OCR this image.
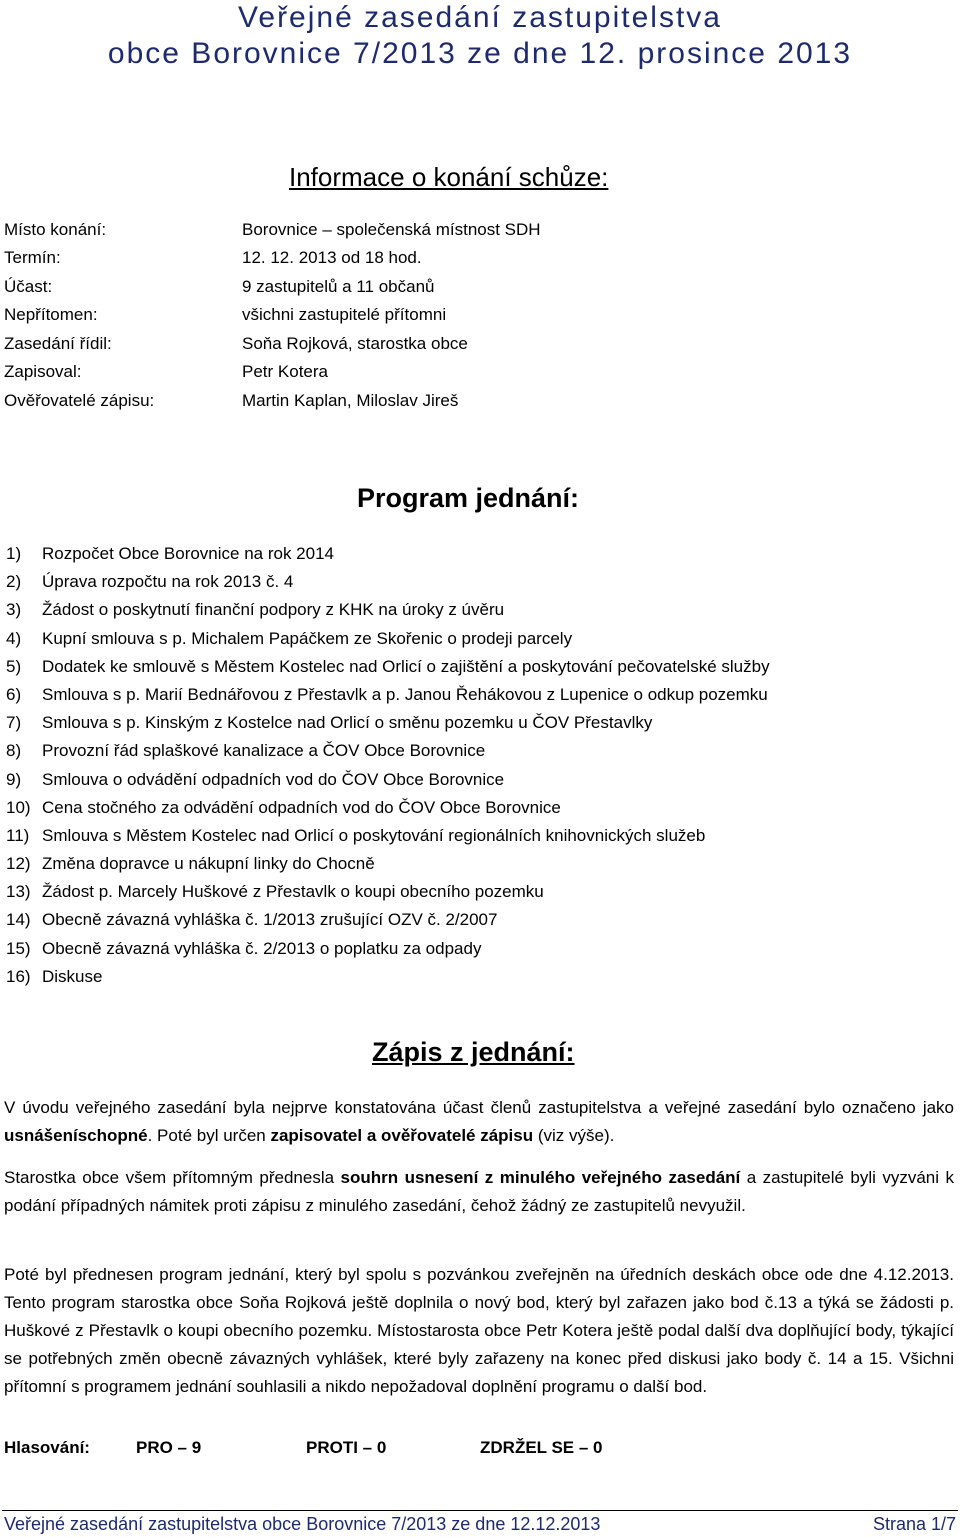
Veřejné zasedání zastupitelstva
obce Borovnice 7/2013 ze dne 12. prosince 2013
Informace o konání schůze:
Místo konání:	Borovnice – společenská místnost SDH
Termín:	12. 12. 2013 od 18 hod.
Účast:	9 zastupitelů a 11 občanů
Nepřítomen:	všichni zastupitelé přítomni
Zasedání řídil:	Soňa Rojková, starostka obce
Zapisoval:	Petr Kotera
Ověřovatelé zápisu:	Martin Kaplan, Miloslav Jireš
Program jednání:
1) Rozpočet Obce Borovnice na rok 2014
2) Úprava rozpočtu na rok 2013 č. 4
3) Žádost o poskytnutí finanční podpory z KHK na úroky z úvěru
4) Kupní smlouva s p. Michalem Papáčkem ze Skořenic o prodeji parcely
5) Dodatek ke smlouvě s Městem Kostelec nad Orlicí o zajištění a poskytování pečovatelské služby
6) Smlouva s p. Marií Bednářovou z Přestavlk a p. Janou Řehákovou z Lupenice o odkup pozemku
7) Smlouva s p. Kinským z Kostelce nad Orlicí o směnu pozemku u ČOV Přestavlky
8) Provozní řád splaškové kanalizace a ČOV Obce Borovnice
9) Smlouva o odvádění odpadních vod do ČOV Obce Borovnice
10) Cena stočného za odvádění odpadních vod do ČOV Obce Borovnice
11) Smlouva s Městem Kostelec nad Orlicí o poskytování regionálních knihovnických služeb
12) Změna dopravce u nákupní linky do Chocně
13) Žádost p. Marcely Huškové z Přestavlk o koupi obecního pozemku
14) Obecně závazná vyhláška č. 1/2013 zrušující OZV č. 2/2007
15) Obecně závazná vyhláška č. 2/2013 o poplatku za odpady
16) Diskuse
Zápis z jednání:
V úvodu veřejného zasedání byla nejprve konstatována účast členů zastupitelstva a veřejné zasedání bylo označeno jako usnášeníschopné. Poté byl určen zapisovatel a ověřovatelé zápisu (viz výše).
Starostka obce všem přítomným přednesla souhrn usnesení z minulého veřejného zasedání a zastupitelé byli vyzváni k podání případných námitek proti zápisu z minulého zasedání, čehož žádný ze zastupitelů nevyužil.
Poté byl přednesen program jednání, který byl spolu s pozvánkou zveřejněn na úředních deskách obce ode dne 4.12.2013. Tento program starostka obce Soňa Rojková ještě doplnila o nový bod, který byl zařazen jako bod č.13 a týká se žádosti p. Huškové z Přestavlk o koupi obecního pozemku. Místostarosta obce Petr Kotera ještě podal další dva doplňující body, týkající se potřebných změn obecně závazných vyhlášek, které byly zařazeny na konec před diskusi jako body č. 14 a 15. Všichni přítomní s programem jednání souhlasili a nikdo nepožadoval doplnění programu o další bod.
Hlasování:	PRO – 9	PROTI – 0	ZDRŽEL SE – 0
Veřejné zasedání zastupitelstva obce Borovnice 7/2013 ze dne 12.12.2013	Strana 1/7
